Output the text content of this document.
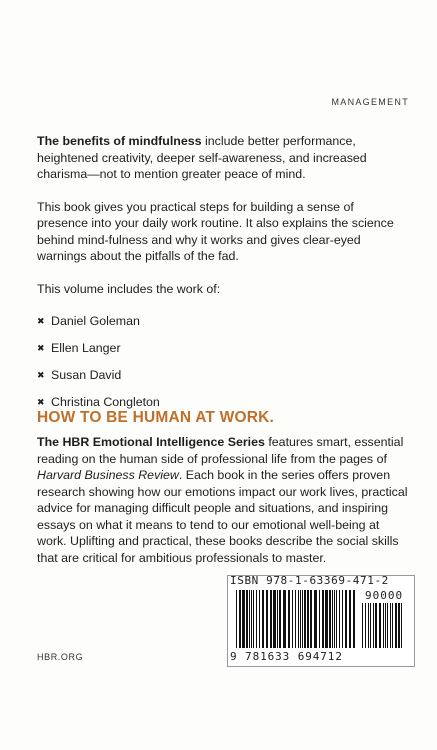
MANAGEMENT

The benefits of mindfulness include better performance, heightened creativity, deeper self-awareness, and increased charisma—not to mention greater peace of mind.

This book gives you practical steps for building a sense of presence into your daily work routine. It also explains the science behind mind-fulness and why it works and gives clear-eyed warnings about the pitfalls of the fad.

This volume includes the work of:

✖ Daniel Goleman
✖ Ellen Langer
✖ Susan David
✖ Christina Congleton
HOW TO BE HUMAN AT WORK.

The HBR Emotional Intelligence Series features smart, essential reading on the human side of professional life from the pages of Harvard Business Review. Each book in the series offers proven research showing how our emotions impact our work lives, practical advice for managing difficult people and situations, and inspiring essays on what it means to tend to our emotional well-being at work. Uplifting and practical, these books describe the social skills that are critical for ambitious professionals to master.

HBR.ORG
ISBN 978-1-63369-471-2
90000
9 781633 694712
